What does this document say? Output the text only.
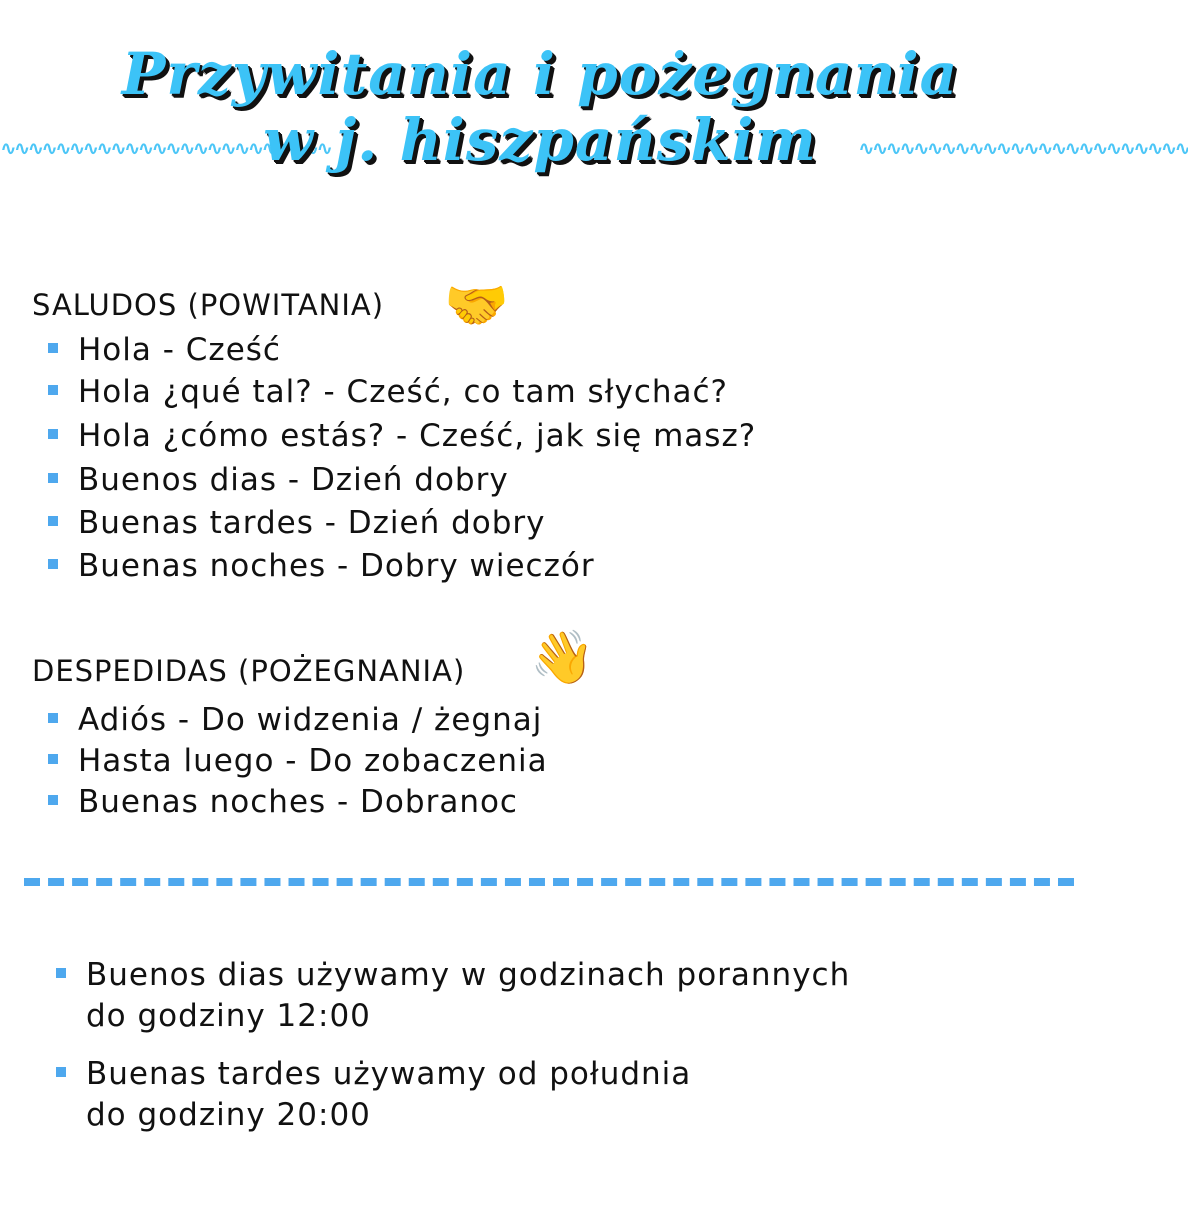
∿∿∿∿∿∿∿∿∿∿∿∿∿∿∿∿∿∿∿∿∿∿∿∿	∿∿∿∿∿∿∿∿∿∿∿∿∿∿∿∿∿∿∿∿∿∿∿∿
Przywitania i pożegnania
w j. hiszpańskim
SALUDOS (POWITANIA) 🤝
Hola - Cześć
Hola ¿qué tal? - Cześć, co tam słychać?
Hola ¿cómo estás? - Cześć, jak się masz?
Buenos dias - Dzień dobry
Buenas tardes - Dzień dobry
Buenas noches - Dobry wieczór
DESPEDIDAS (POŻEGNANIA) 👋
Adiós - Do widzenia / żegnaj
Hasta luego - Do zobaczenia
Buenas noches - Dobranoc
Buenos dias używamy w godzinach porannych
do godziny 12:00
Buenas tardes używamy od południa
do godziny 20:00
